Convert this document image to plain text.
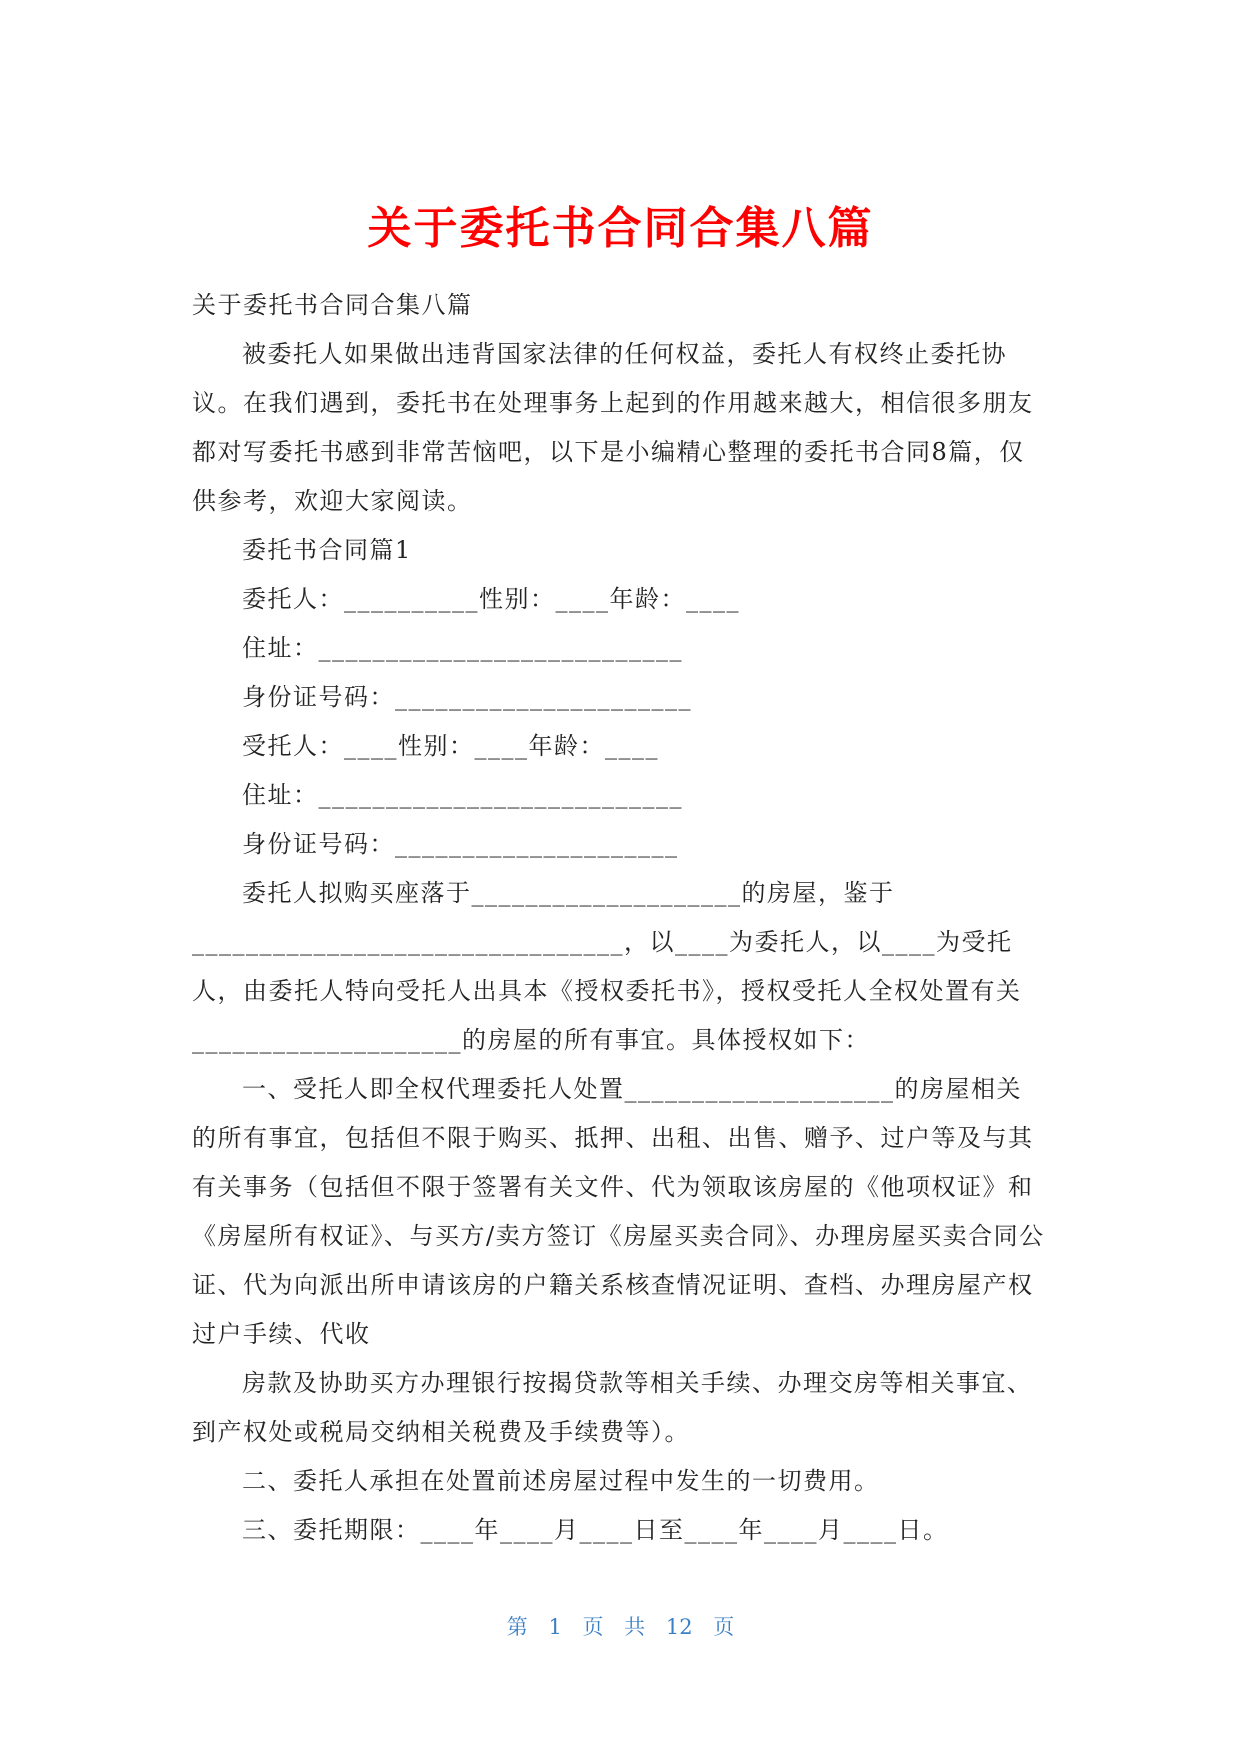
关于委托书合同合集八篇

关于委托书合同合集八篇

被委托人如果做出违背国家法律的任何权益，委托人有权终止委托协议。在我们遇到，委托书在处理事务上起到的作用越来越大，相信很多朋友都对写委托书感到非常苦恼吧，以下是小编精心整理的委托书合同8篇，仅供参考，欢迎大家阅读。

委托书合同篇1

委托人：__________性别：____年龄：____

住址：___________________________

身份证号码：______________________

受托人：____性别：____年龄：____

住址：___________________________

身份证号码：_____________________

委托人拟购买座落于____________________的房屋，鉴于________________________________，以____为委托人，以____为受托人，由委托人特向受托人出具本《授权委托书》，授权受托人全权处置有关____________________的房屋的所有事宜。具体授权如下：

一、受托人即全权代理委托人处置____________________的房屋相关的所有事宜，包括但不限于购买、抵押、出租、出售、赠予、过户等及与其有关事务（包括但不限于签署有关文件、代为领取该房屋的《他项权证》和《房屋所有权证》、与买方/卖方签订《房屋买卖合同》、办理房屋买卖合同公证、代为向派出所申请该房的户籍关系核查情况证明、查档、办理房屋产权过户手续、代收

房款及协助买方办理银行按揭贷款等相关手续、办理交房等相关事宜、到产权处或税局交纳相关税费及手续费等）。

二、委托人承担在处置前述房屋过程中发生的一切费用。

三、委托期限：____年____月____日至____年____月____日。

第 1 页 共 12 页
